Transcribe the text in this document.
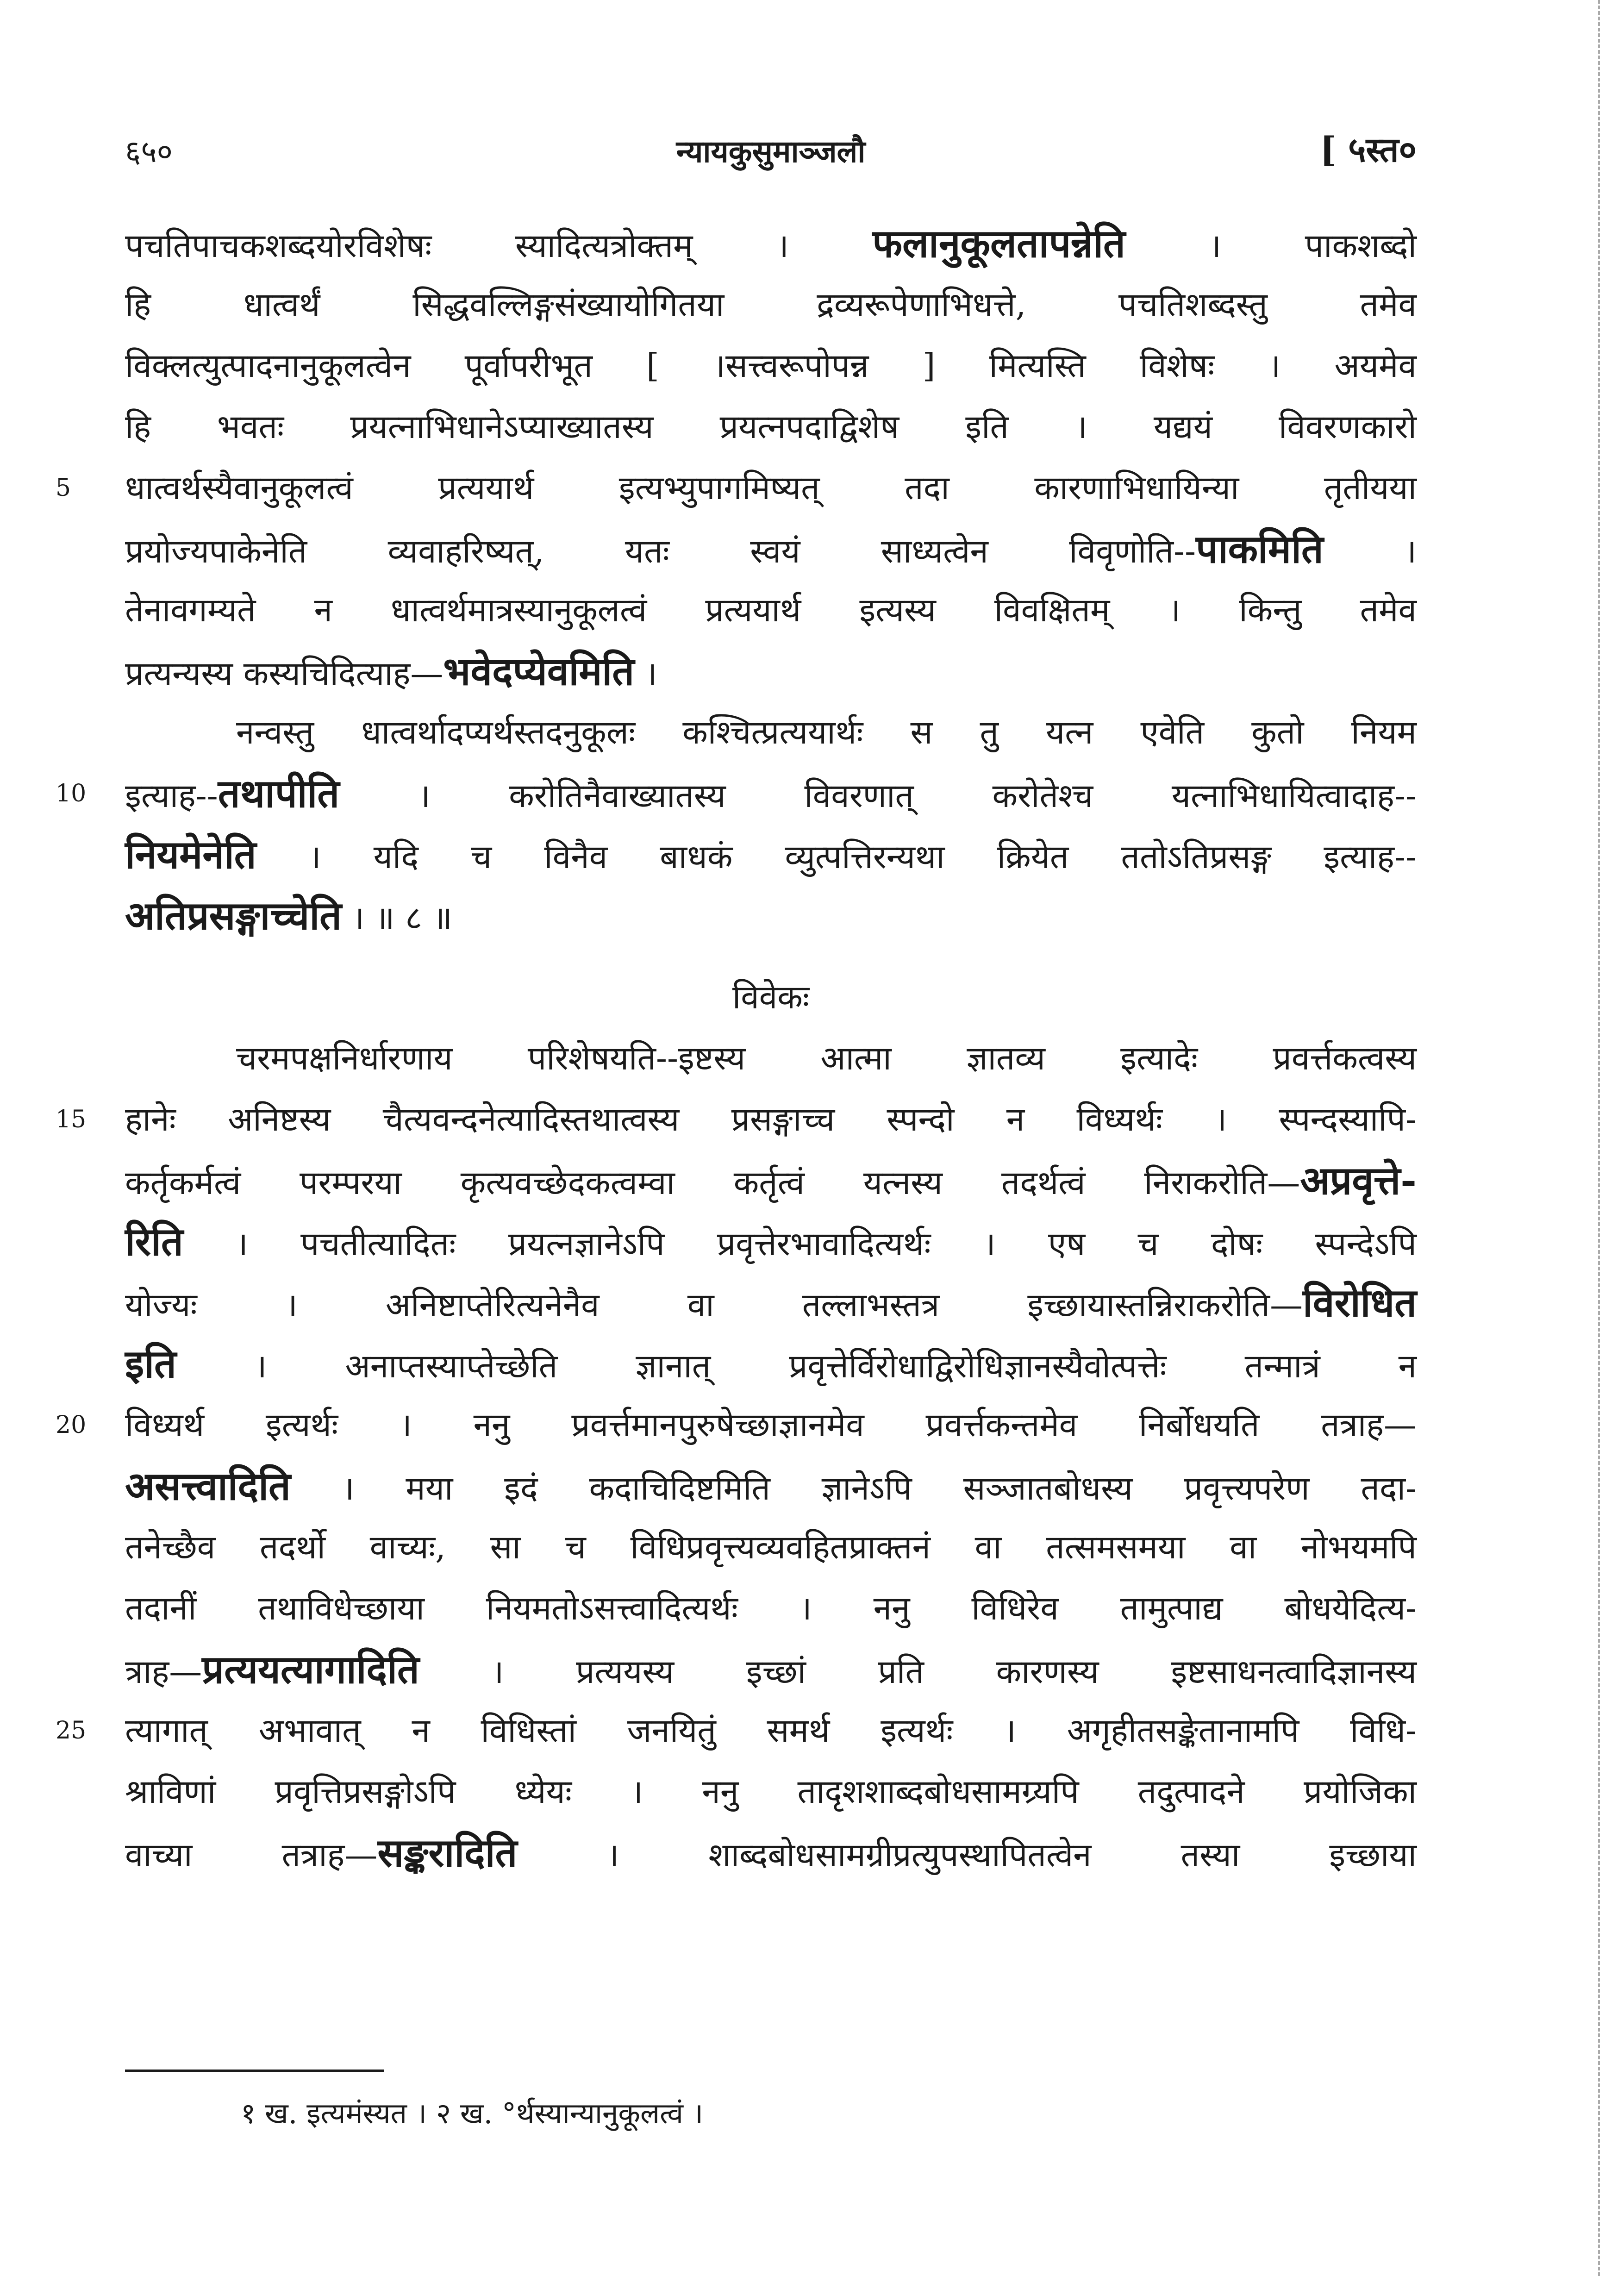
६५०	न्यायकुसुमाञ्जलौ	[ ५स्त०
पचतिपाचकशब्दयोरविशेषः स्यादित्यत्रोक्तम् । फलानुकूलतापन्नेति । पाकशब्दो
हि धात्वर्थं सिद्धवल्लिङ्गसंख्यायोगितया द्रव्यरूपेणाभिधत्ते, पचतिशब्दस्तु तमेव
विक्लत्युत्पादनानुकूलत्वेन पूर्वापरीभूत [ ।सत्त्वरूपोपन्न ] मित्यस्ति विशेषः । अयमेव
हि भवतः प्रयत्नाभिधानेऽप्याख्यातस्य प्रयत्नपदाद्विशेष इति । यद्ययं विवरणकारो
5	धात्वर्थस्यैवानुकूलत्वं प्रत्ययार्थ इत्यभ्युपागमिष्यत् तदा कारणाभिधायिन्या तृतीयया
प्रयोज्यपाकेनेति व्यवाहरिष्यत्, यतः स्वयं साध्यत्वेन विवृणोति--पाकमिति ।
तेनावगम्यते न धात्वर्थमात्रस्यानुकूलत्वं प्रत्ययार्थ इत्यस्य विवक्षितम् । किन्तु तमेव
प्रत्यन्यस्य कस्यचिदित्याह—भवेदप्येवमिति ।
नन्वस्तु धात्वर्थादप्यर्थस्तदनुकूलः कश्चित्प्रत्ययार्थः स तु यत्न एवेति कुतो नियम
10	इत्याह--तथापीति । करोतिनैवाख्यातस्य विवरणात् करोतेश्च यत्नाभिधायित्वादाह--
नियमेनेति । यदि च विनैव बाधकं व्युत्पत्तिरन्यथा क्रियेत ततोऽतिप्रसङ्ग इत्याह--
अतिप्रसङ्गाच्चेति । ॥ ८ ॥
विवेकः
चरमपक्षनिर्धारणाय परिशेषयति--इष्टस्य आत्मा ज्ञातव्य इत्यादेः प्रवर्त्तकत्वस्य
15	हानेः अनिष्टस्य चैत्यवन्दनेत्यादिस्तथात्वस्य प्रसङ्गाच्च स्पन्दो न विध्यर्थः । स्पन्दस्यापि-
कर्तृकर्मत्वं परम्परया कृत्यवच्छेदकत्वम्वा कर्तृत्वं यत्नस्य तदर्थत्वं निराकरोति—अप्रवृत्ते-
रिति । पचतीत्यादितः प्रयत्नज्ञानेऽपि प्रवृत्तेरभावादित्यर्थः । एष च दोषः स्पन्देऽपि
योज्यः । अनिष्टाप्तेरित्यनेनैव वा तल्लाभस्तत्र इच्छायास्तन्निराकरोति—विरोधित
इति । अनाप्तस्याप्तेच्छेति ज्ञानात् प्रवृत्तेर्विरोधाद्विरोधिज्ञानस्यैवोत्पत्तेः तन्मात्रं न
20	विध्यर्थ इत्यर्थः । ननु प्रवर्त्तमानपुरुषेच्छाज्ञानमेव प्रवर्त्तकन्तमेव निर्बोधयति तत्राह—
असत्त्वादिति । मया इदं कदाचिदिष्टमिति ज्ञानेऽपि सञ्जातबोधस्य प्रवृत्त्यपरेण तदा-
तनेच्छैव तदर्थो वाच्यः, सा च विधिप्रवृत्त्यव्यवहितप्राक्तनं वा तत्समसमया वा नोभयमपि
तदानीं तथाविधेच्छाया नियमतोऽसत्त्वादित्यर्थः । ननु विधिरेव तामुत्पाद्य बोधयेदित्य-
त्राह—प्रत्ययत्यागादिति । प्रत्ययस्य इच्छां प्रति कारणस्य इष्टसाधनत्वादिज्ञानस्य
25	त्यागात् अभावात् न विधिस्तां जनयितुं समर्थ इत्यर्थः । अगृहीतसङ्केतानामपि विधि-
श्राविणां प्रवृत्तिप्रसङ्गोऽपि ध्येयः । ननु तादृशशाब्दबोधसामग्र्यपि तदुत्पादने प्रयोजिका
वाच्या तत्राह—सङ्करादिति । शाब्दबोधसामग्रीप्रत्युपस्थापितत्वेन तस्या इच्छाया
१ ख. इत्यमंस्यत । २ ख. °र्थस्यान्यानुकूलत्वं ।
